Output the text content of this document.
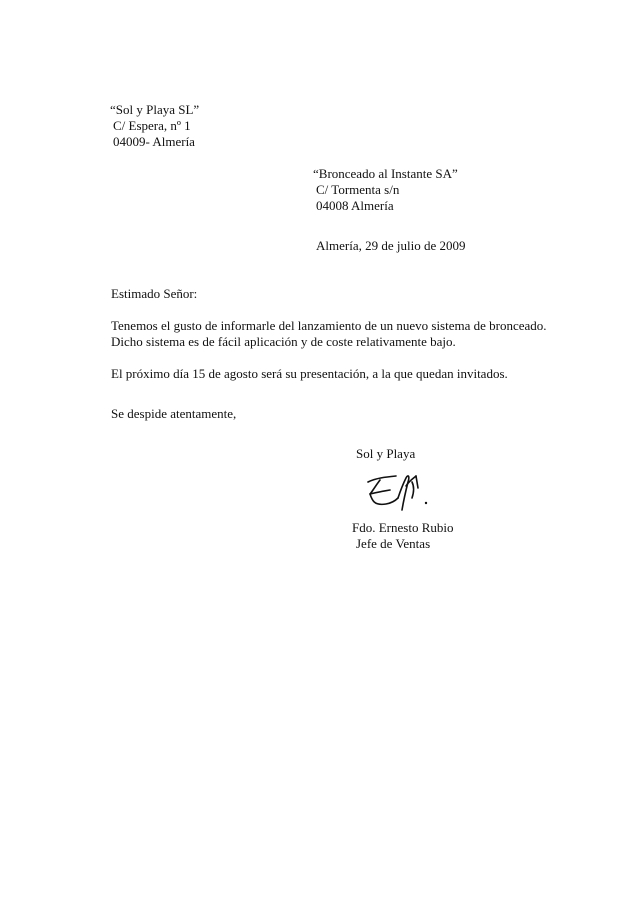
“Sol y Playa SL”

C/ Espera, nº 1

04009- Almería

“Bronceado al Instante SA”

C/ Tormenta s/n

04008 Almería

Almería, 29 de julio de 2009

Estimado Señor:

Tenemos el gusto de informarle del lanzamiento de un nuevo sistema de bronceado.

Dicho sistema es de fácil aplicación y de coste relativamente bajo.

El próximo día 15 de agosto será su presentación, a la que quedan invitados.

Se despide atentamente,

Sol y Playa

Fdo. Ernesto Rubio

Jefe de Ventas
